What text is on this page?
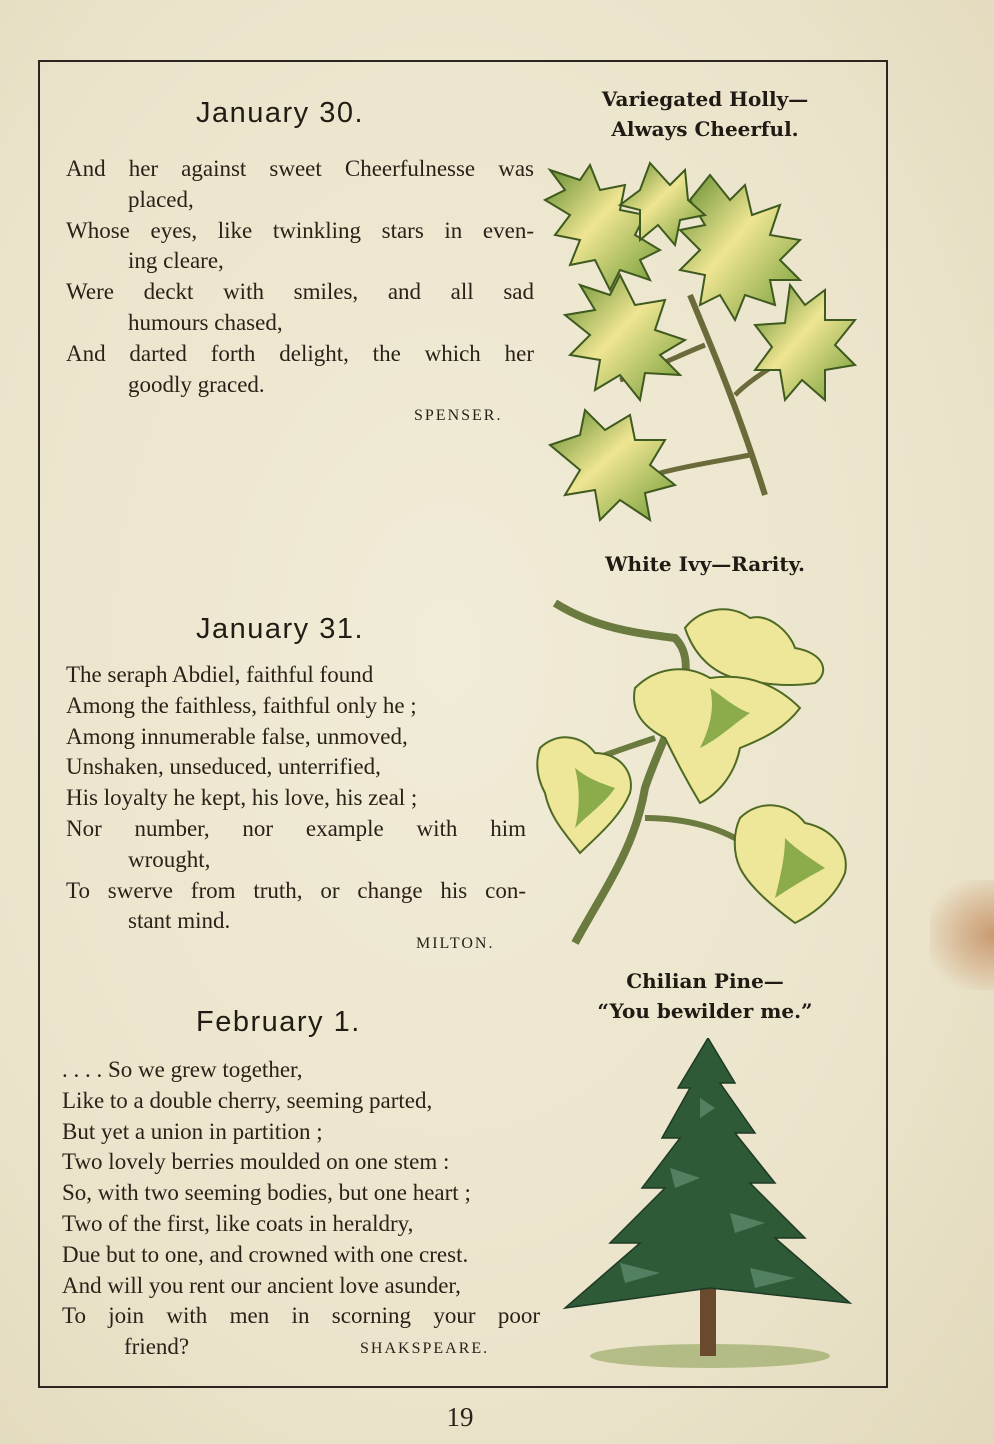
January 30.
And her against sweet Cheerfulnesse was
placed,
Whose eyes, like twinkling stars in even-
ing cleare,
Were deckt with smiles, and all sad
humours chased,
And darted forth delight, the which her
goodly graced.
SPENSER.
January 31.
The seraph Abdiel, faithful found
Among the faithless, faithful only he ;
Among innumerable false, unmoved,
Unshaken, unseduced, unterrified,
His loyalty he kept, his love, his zeal ;
Nor number, nor example with him
wrought,
To swerve from truth, or change his con-
stant mind.
MILTON.
February 1.
. . . . So we grew together,
Like to a double cherry, seeming parted,
But yet a union in partition ;
Two lovely berries moulded on one stem :
So, with two seeming bodies, but one heart ;
Two of the first, like coats in heraldry,
Due but to one, and crowned with one crest.
And will you rent our ancient love asunder,
To join with men in scorning your poor
friend?	SHAKSPEARE.
Variegated Holly—
Always Cheerful.
White Ivy—Rarity.
Chilian Pine—
“You bewilder me.”
19
